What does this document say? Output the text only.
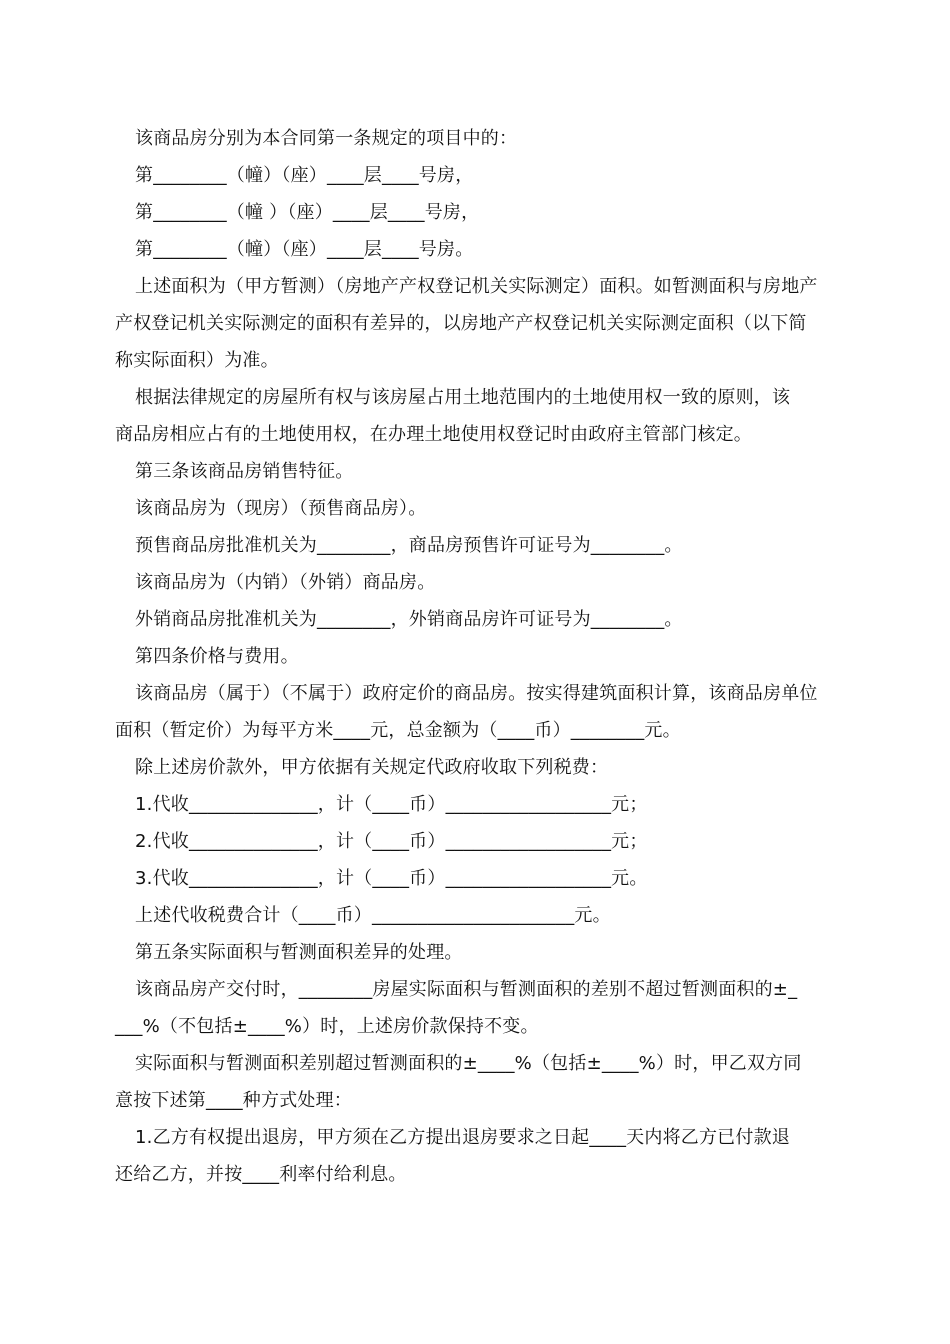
该商品房分别为本合同第一条规定的项目中的：
第________（幢）（座）____层____号房，
第________（幢 ）（座）____层____号房，
第________（幢）（座）____层____号房。
上述面积为（甲方暂测）（房地产产权登记机关实际测定）面积。如暂测面积与房地产
产权登记机关实际测定的面积有差异的，以房地产产权登记机关实际测定面积（以下简
称实际面积）为准。
根据法律规定的房屋所有权与该房屋占用土地范围内的土地使用权一致的原则，该
商品房相应占有的土地使用权，在办理土地使用权登记时由政府主管部门核定。
第三条该商品房销售特征。
该商品房为（现房）（预售商品房）。
预售商品房批准机关为________，商品房预售许可证号为________。
该商品房为（内销）（外销）商品房。
外销商品房批准机关为________，外销商品房许可证号为________。
第四条价格与费用。
该商品房（属于）（不属于）政府定价的商品房。按实得建筑面积计算，该商品房单位
面积（暂定价）为每平方米____元，总金额为（____币）________元。
除上述房价款外，甲方依据有关规定代政府收取下列税费：
1.代收______________，计（____币）__________________元；
2.代收______________，计（____币）__________________元；
3.代收______________，计（____币）__________________元。
上述代收税费合计（____币）______________________元。
第五条实际面积与暂测面积差异的处理。
该商品房产交付时，________房屋实际面积与暂测面积的差别不超过暂测面积的±_
___%（不包括±____%）时，上述房价款保持不变。
实际面积与暂测面积差别超过暂测面积的±____%（包括±____%）时，甲乙双方同
意按下述第____种方式处理：
1.乙方有权提出退房，甲方须在乙方提出退房要求之日起____天内将乙方已付款退
还给乙方，并按____利率付给利息。
